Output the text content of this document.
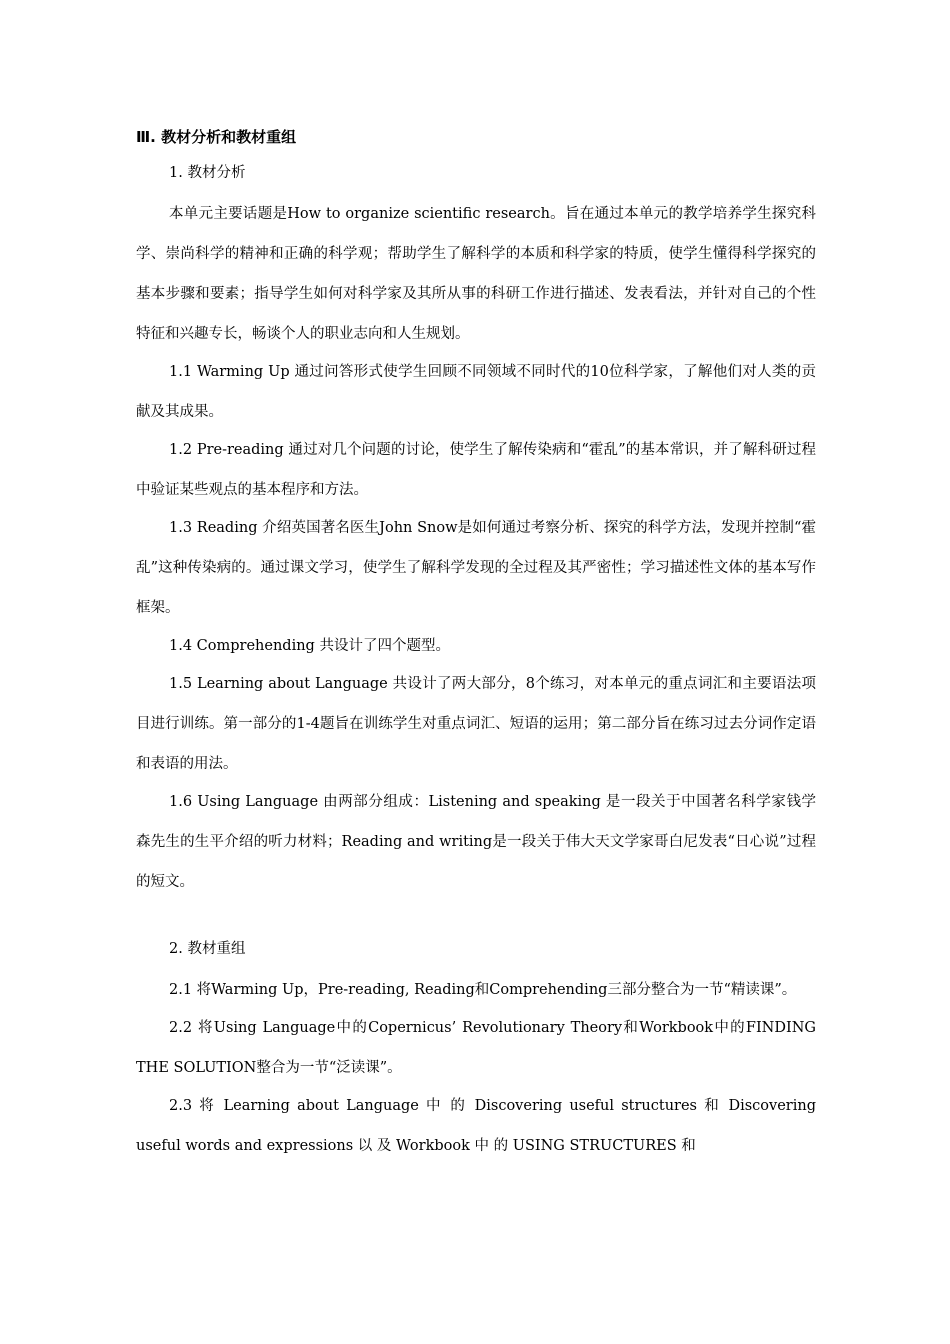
Ⅲ. 教材分析和教材重组
1. 教材分析

本单元主要话题是How to organize scientific research。旨在通过本单元的教学培养学生探究科学、崇尚科学的精神和正确的科学观；帮助学生了解科学的本质和科学家的特质，使学生懂得科学探究的基本步骤和要素；指导学生如何对科学家及其所从事的科研工作进行描述、发表看法，并针对自己的个性特征和兴趣专长，畅谈个人的职业志向和人生规划。

1.1 Warming Up 通过问答形式使学生回顾不同领域不同时代的10位科学家，了解他们对人类的贡献及其成果。

1.2 Pre-reading 通过对几个问题的讨论，使学生了解传染病和“霍乱”的基本常识，并了解科研过程中验证某些观点的基本程序和方法。

1.3 Reading 介绍英国著名医生John Snow是如何通过考察分析、探究的科学方法，发现并控制“霍乱”这种传染病的。通过课文学习，使学生了解科学发现的全过程及其严密性；学习描述性文体的基本写作框架。

1.4 Comprehending 共设计了四个题型。

1.5 Learning about Language 共设计了两大部分，8个练习，对本单元的重点词汇和主要语法项目进行训练。第一部分的1-4题旨在训练学生对重点词汇、短语的运用；第二部分旨在练习过去分词作定语和表语的用法。

1.6 Using Language 由两部分组成：Listening and speaking 是一段关于中国著名科学家钱学森先生的生平介绍的听力材料；Reading and writing是一段关于伟大天文学家哥白尼发表“日心说”过程的短文。

2. 教材重组

2.1 将Warming Up，Pre-reading, Reading和Comprehending三部分整合为一节“精读课”。

2.2 将Using Language中的Copernicus’ Revolutionary Theory和Workbook中的FINDING THE SOLUTION整合为一节“泛读课”。

2.3 将 Learning about Language 中 的 Discovering useful structures 和 Discovering useful words and expressions 以 及 Workbook 中 的 USING STRUCTURES 和
